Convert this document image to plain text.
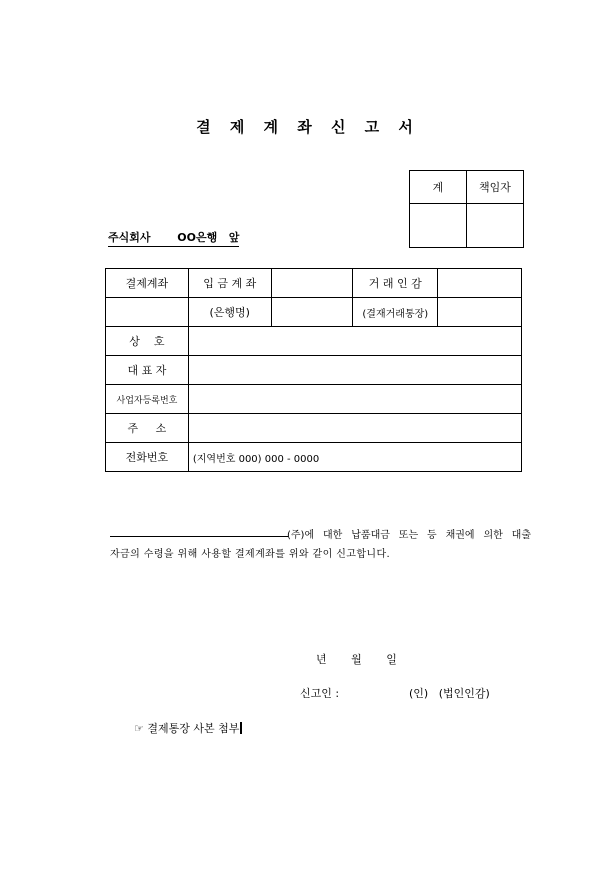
결 제 계 좌 신 고 서
계	책임자

주식회사       OO은행   앞
결제계좌	입 금 계 좌		거 래 인 감	
	(은행명)		(결재거래통장)	
상    호				
대 표 자				
사업자등록번호				
주     소				
전화번호	(지역번호 000) 000 - 0000			
(주)에 대한 납품대금 또는 등 채권에 의한 대출
자금의 수령을 위해 사용할 결제계좌를 위와 같이 신고합니다.
년       월       일
신고인 :                    (인)   (법인인감)
☞ 결제통장 사본 첨부
